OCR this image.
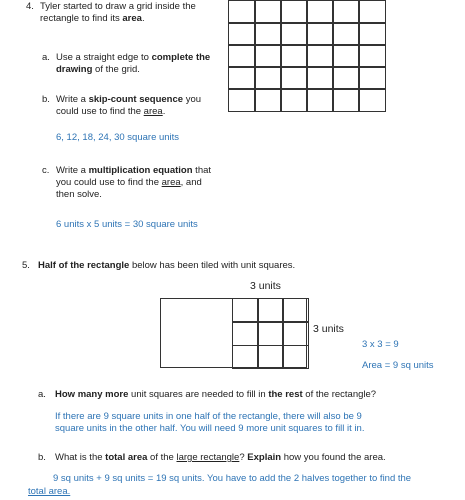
4. Tyler started to draw a grid inside the
rectangle to find its area.
a. Use a straight edge to complete the
drawing of the grid.
b. Write a skip-count sequence you
could use to find the area.
6, 12, 18, 24, 30 square units
c. Write a multiplication equation that
you could use to find the area, and
then solve.
6 units x 5 units = 30 square units
5. Half of the rectangle below has been tiled with unit squares.
3 units
3 units
3 x 3 = 9
Area = 9 sq units
a. How many more unit squares are needed to fill in the rest of the rectangle?
If there are 9 square units in one half of the rectangle, there will also be 9
square units in the other half. You will need 9 more unit squares to fill it in.
b. What is the total area of the large rectangle? Explain how you found the area.
9 sq units + 9 sq units = 19 sq units. You have to add the 2 halves together to find the
total area.
